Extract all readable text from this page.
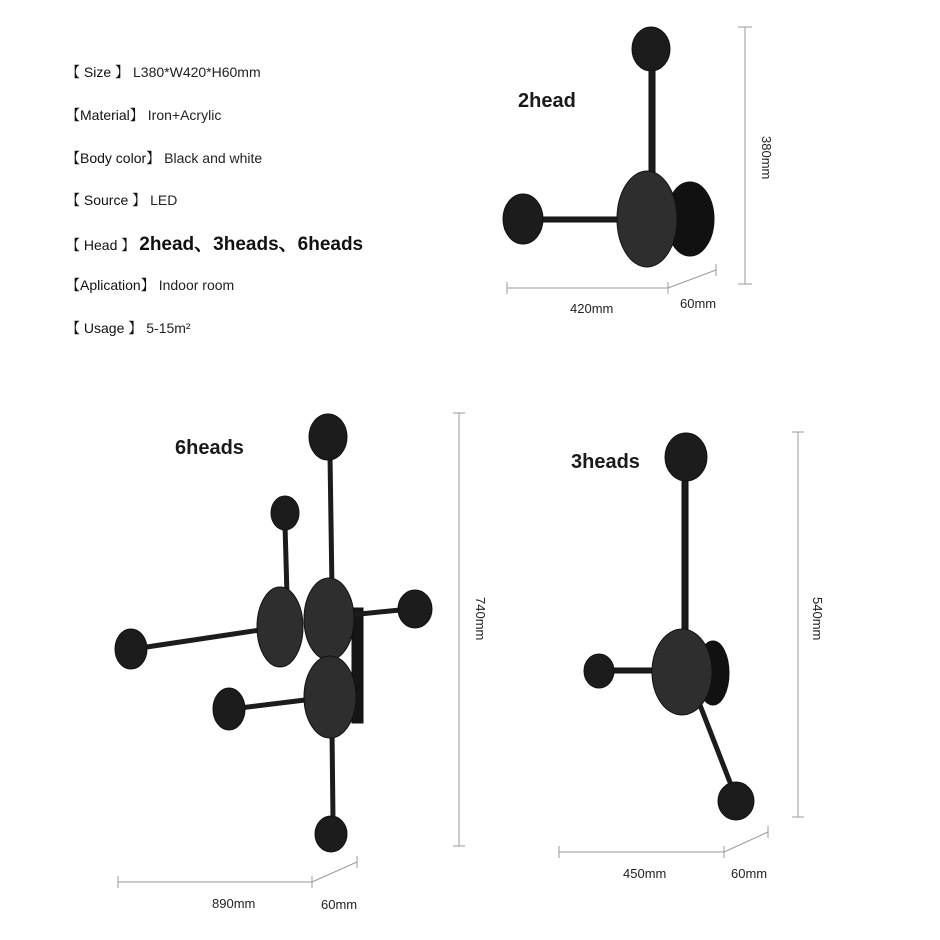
【 Size 】 L380*W420*H60mm
【Material】 Iron+Acrylic
【Body color】 Black and white
【 Source 】 LED
【 Head 】 2head、3heads、6heads
【Aplication】 Indoor room
【 Usage 】 5-15m²
2head
6heads
3heads
420mm	60mm
380mm
890mm	60mm
740mm
450mm	60mm
540mm
